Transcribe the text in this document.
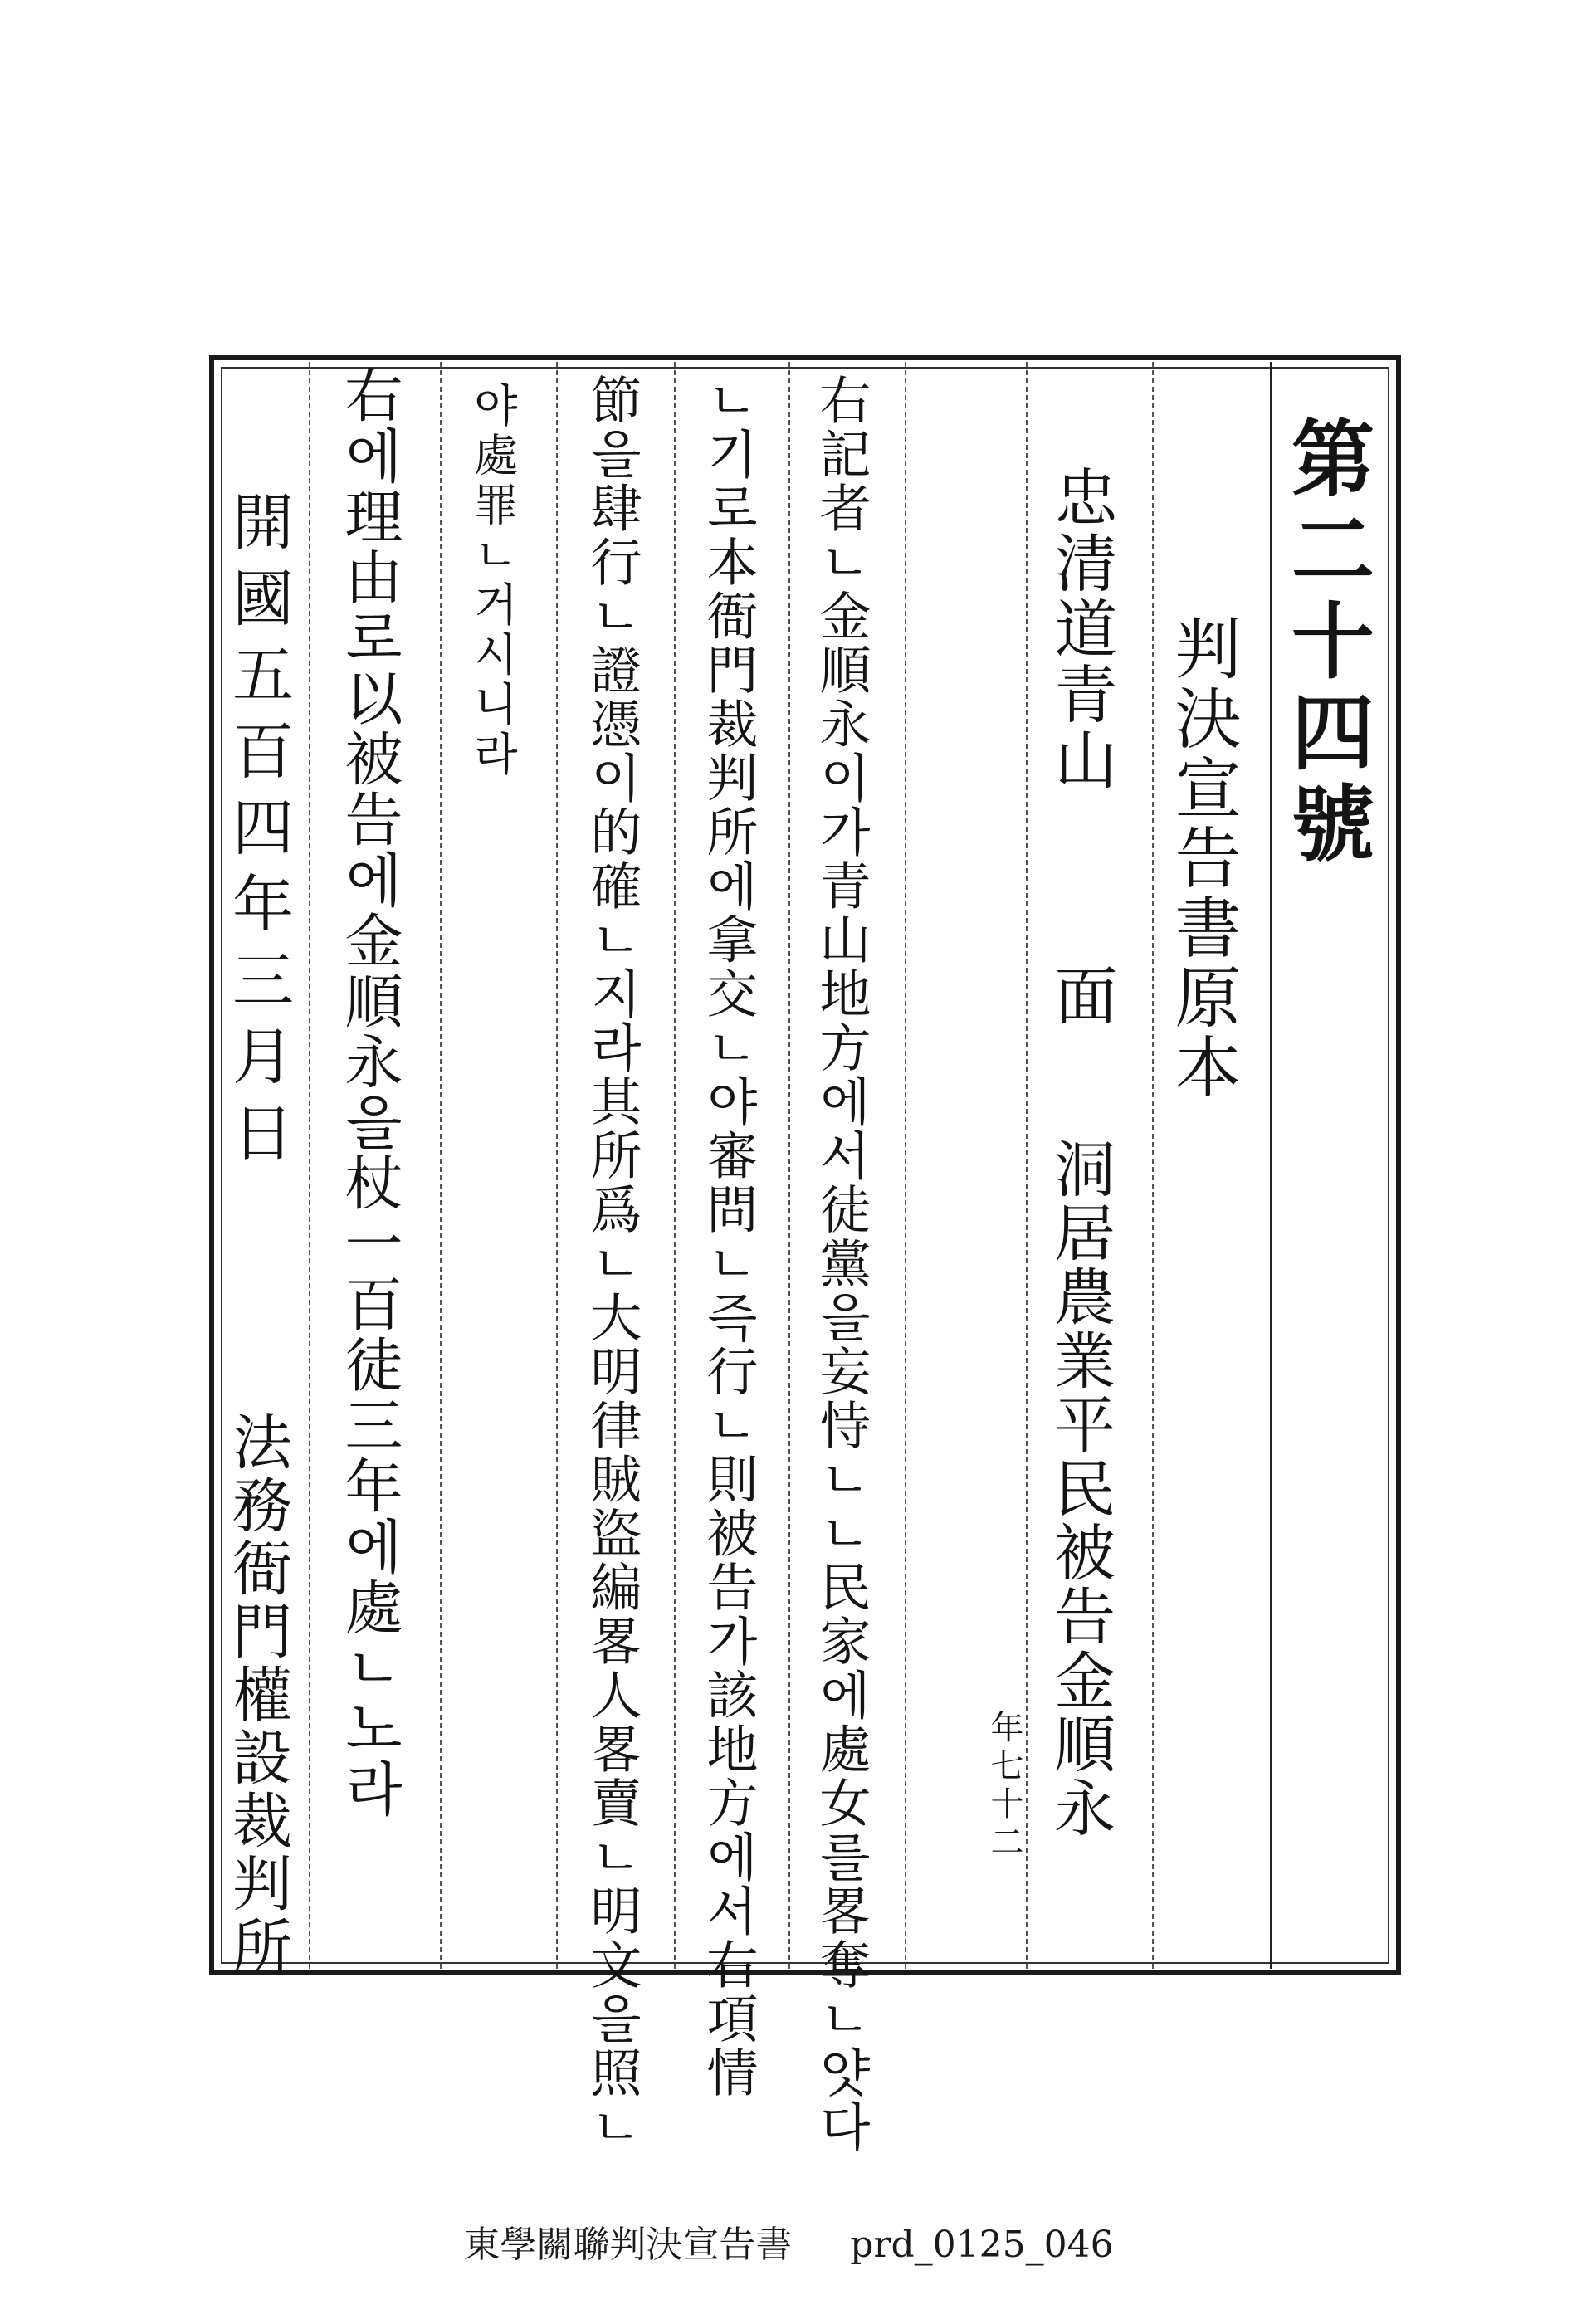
第二十四號
判決宣告書原本
忠清道青山
面
洞居農業平民被告金順永
年七十二
右記者ㄴ金順永이가青山地方에서徒黨을妄恃ㄴㄴ民家에處女를畧奪ㄴ얏다
ㄴ기로本衙門裁判所에拿交ㄴ야審問ㄴ즉行ㄴ則被告가該地方에서右項情
節을肆行ㄴ證憑이的確ㄴ지라其所爲ㄴ大明律賊盜編畧人畧賣ㄴ明文을照ㄴ
야處罪ㄴ거시니라
右에理由로以被告에金順永을杖一百徒三年에處ㄴ노라
開國五百四年三月日
法務衙門權設裁判所
東學關聯判決宣告書 prd_0125_046
